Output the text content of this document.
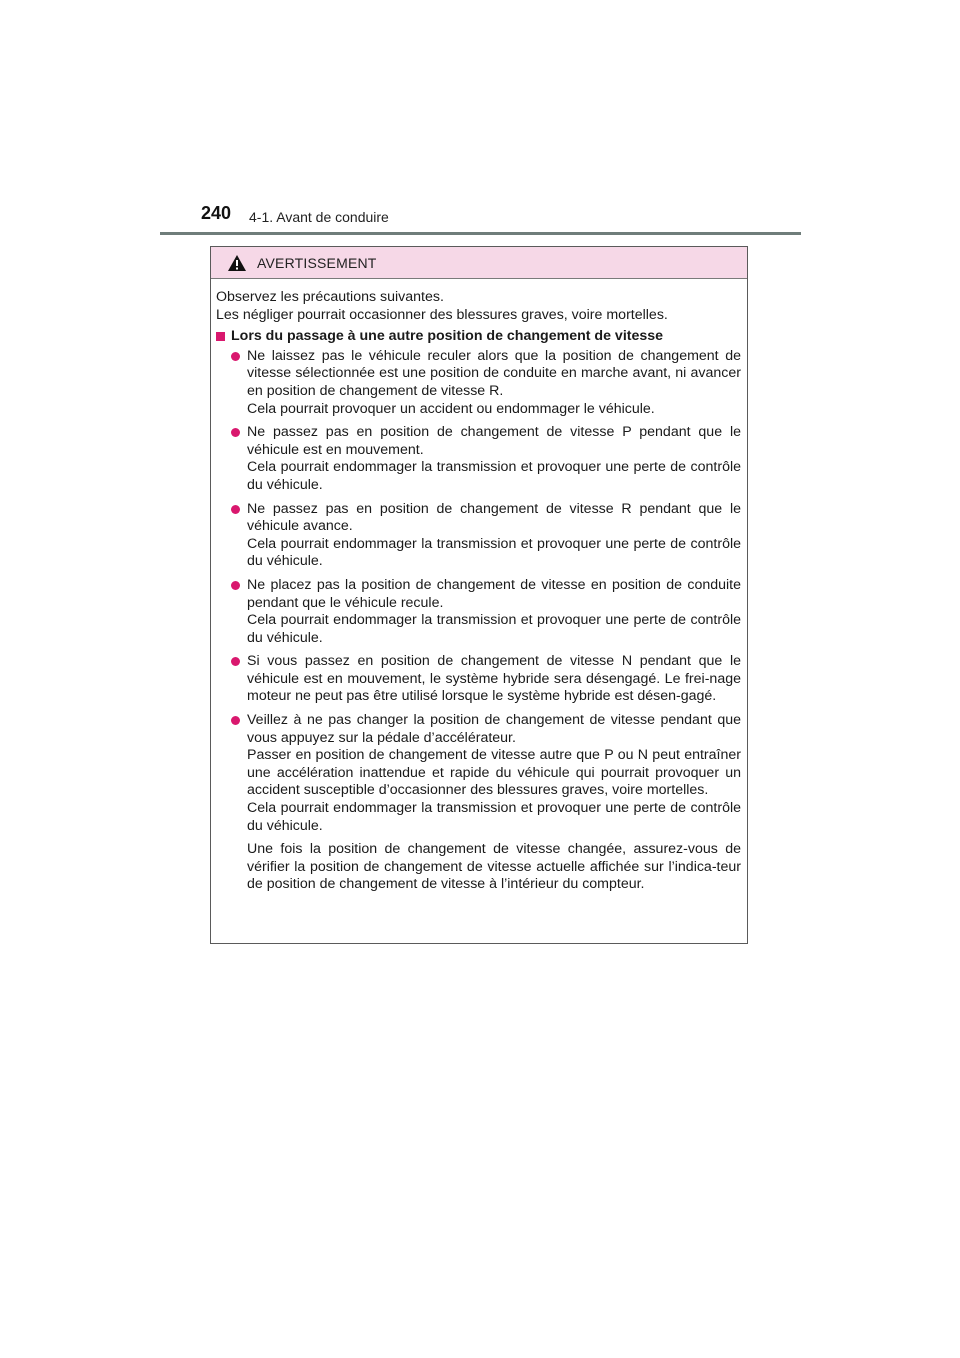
240 4-1. Avant de conduire
AVERTISSEMENT

Observez les précautions suivantes.

Les négliger pourrait occasionner des blessures graves, voire mortelles.

Lors du passage à une autre position de changement de vitesse

Ne laissez pas le véhicule reculer alors que la position de changement de vitesse sélectionnée est une position de conduite en marche avant, ni avancer en position de changement de vitesse R.

Cela pourrait provoquer un accident ou endommager le véhicule.

Ne passez pas en position de changement de vitesse P pendant que le véhicule est en mouvement.

Cela pourrait endommager la transmission et provoquer une perte de contrôle du véhicule.

Ne passez pas en position de changement de vitesse R pendant que le véhicule avance.

Cela pourrait endommager la transmission et provoquer une perte de contrôle du véhicule.

Ne placez pas la position de changement de vitesse en position de conduite pendant que le véhicule recule.

Cela pourrait endommager la transmission et provoquer une perte de contrôle du véhicule.

Si vous passez en position de changement de vitesse N pendant que le véhicule est en mouvement, le système hybride sera désengagé. Le frei-nage moteur ne peut pas être utilisé lorsque le système hybride est désen-gagé.

Veillez à ne pas changer la position de changement de vitesse pendant que vous appuyez sur la pédale d’accélérateur.

Passer en position de changement de vitesse autre que P ou N peut entraîner une accélération inattendue et rapide du véhicule qui pourrait provoquer un accident susceptible d’occasionner des blessures graves, voire mortelles.

Cela pourrait endommager la transmission et provoquer une perte de contrôle du véhicule.

Une fois la position de changement de vitesse changée, assurez-vous de vérifier la position de changement de vitesse actuelle affichée sur l’indica-teur de position de changement de vitesse à l’intérieur du compteur.
